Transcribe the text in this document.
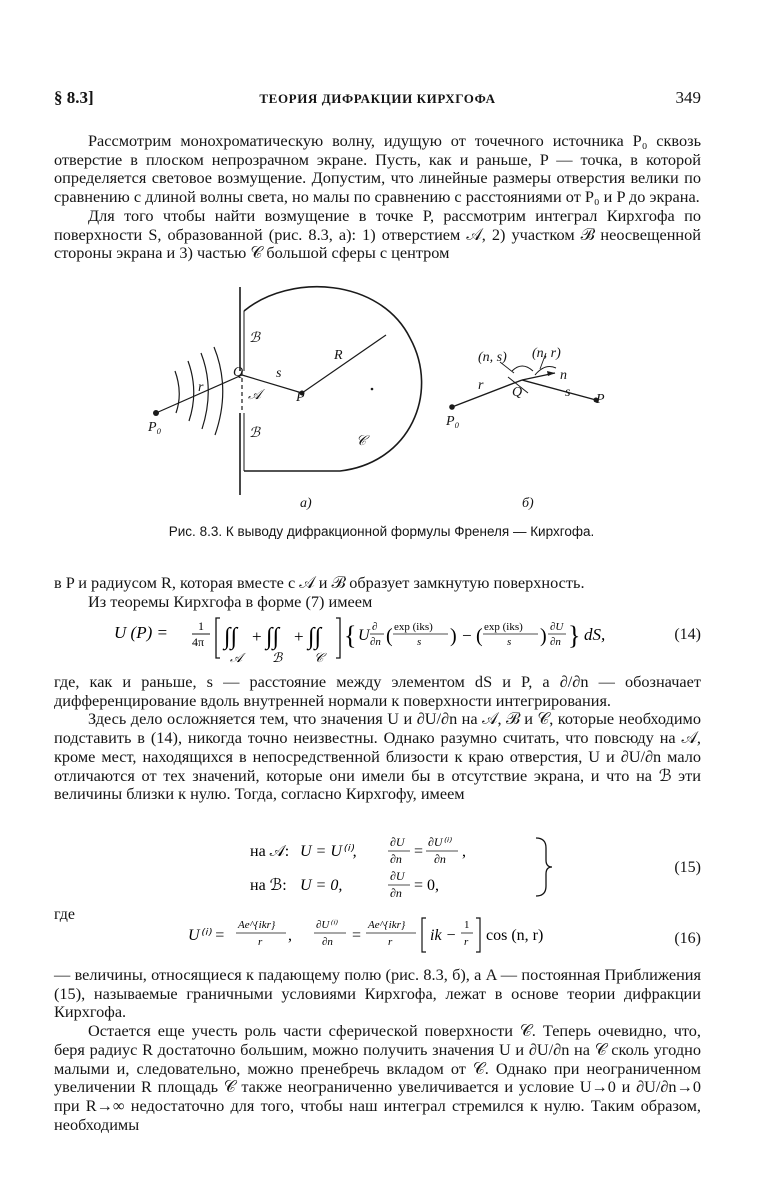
§ 8.3]	ТЕОРИЯ ДИФРАКЦИИ КИРХГОФА	349

Рассмотрим монохроматическую волну, идущую от точечного источника P₀ сквозь отверстие в плоском непрозрачном экране. Пусть, как и раньше, P — точка, в которой определяется световое возмущение. Допустим, что линейные размеры отверстия велики по сравнению с длиной волны света, но малы по сравнению с расстояниями от P₀ и P до экрана.

Для того чтобы найти возмущение в точке P, рассмотрим интеграл Кирхгофа по поверхности S, образованной (рис. 8.3, а): 1) отверстием 𝒜, 2) участком ℬ неосвещенной стороны экрана и 3) частью 𝒞 большой сферы с центром

ℬ
Q
r
s
R
𝒜 P
P₀	ℬ
𝒞
а)
(n, s) (n, r)
n
r Q	s P
P₀
б)
Рис. 8.3. К выводу дифракционной формулы Френеля — Кирхгофа.

в P и радиусом R, которая вместе с 𝒜 и ℬ образует замкнутую поверхность.

Из теоремы Кирхгофа в форме (7) имеем

U (P) =	1
4π ∫∫
𝒜
+ ∫∫
ℬ
+ ∫∫
𝒞
{ U ∂
∂n ( exp (iks)
s ) − ( exp (iks)
s ) ∂U
∂n } dS,	(14)

где, как и раньше, s — расстояние между элементом dS и P, а ∂/∂n — обозначает дифференцирование вдоль внутренней нормали к поверхности интегрирования.

Здесь дело осложняется тем, что значения U и ∂U/∂n на 𝒜, ℬ и 𝒞, которые необходимо подставить в (14), никогда точно неизвестны. Однако разумно считать, что повсюду на 𝒜, кроме мест, находящихся в непосредственной близости к краю отверстия, U и ∂U/∂n мало отличаются от тех значений, которые они имели бы в отсутствие экрана, и что на ℬ эти величины близки к нулю. Тогда, согласно Кирхгофу, имеем

на 𝒜: U = U⁽ⁱ⁾,
∂U
∂n =
∂U⁽ⁱ⁾
∂n ,
на ℬ: U = 0,
∂U
∂n = 0,
(15)
где
U⁽ⁱ⁾ =
Ae^{ikr}
r ,
∂U⁽ⁱ⁾
∂n =
Ae^{ikr}
r ik −
1
r cos (n, r)	(16)

— величины, относящиеся к падающему полю (рис. 8.3, б), а A — постоянная Приближения (15), называемые граничными условиями Кирхгофа, лежат в основе теории дифракции Кирхгофа.

Остается еще учесть роль части сферической поверхности 𝒞. Теперь очевидно, что, беря радиус R достаточно большим, можно получить значения U и ∂U/∂n на 𝒞 сколь угодно малыми и, следовательно, можно пренебречь вкладом от 𝒞. Однако при неограниченном увеличении R площадь 𝒞 также неограниченно увеличивается и условие U→0 и ∂U/∂n→0 при R→∞ недостаточно для того, чтобы наш интеграл стремился к нулю. Таким образом, необходимы
